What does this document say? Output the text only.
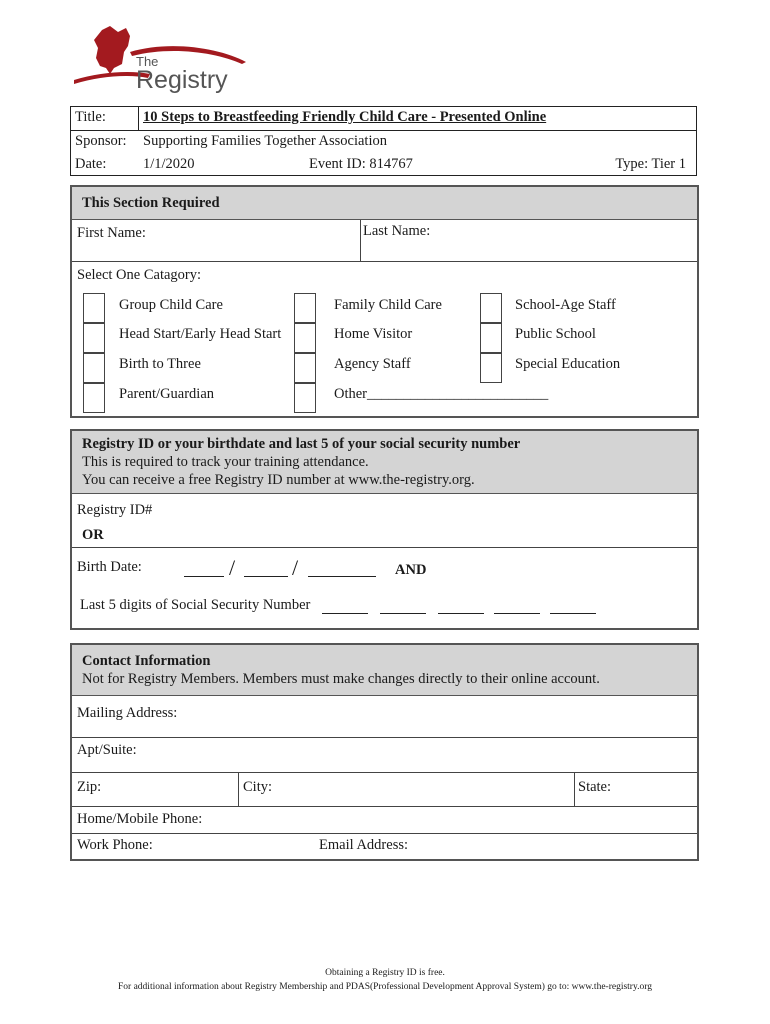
The
Registry
Title:	10 Steps to Breastfeeding Friendly Child Care - Presented Online
Sponsor: Supporting Families Together Association
Date:	1/1/2020	Event ID: 814767	Type: Tier 1
This Section Required
First Name:	Last Name:
Select One Catagory:
Group Child Care	Family Child Care	School-Age Staff
Head Start/Early Head Start	Home Visitor	Public School
Birth to Three	Agency Staff	Special Education
Parent/Guardian	Other_________________________
Registry ID or your birthdate and last 5 of your social security number
This is required to track your training attendance.
You can receive a free Registry ID number at www.the-registry.org.
Registry ID#
OR
Birth Date:	/	/	AND
Last 5 digits of Social Security Number
Contact Information
Not for Registry Members. Members must make changes directly to their online account.
Mailing Address:
Apt/Suite:
Zip:	City:	State:
Home/Mobile Phone:
Work Phone:	Email Address:
Obtaining a Registry ID is free.
For additional information about Registry Membership and PDAS(Professional Development Approval System) go to: www.the-registry.org
